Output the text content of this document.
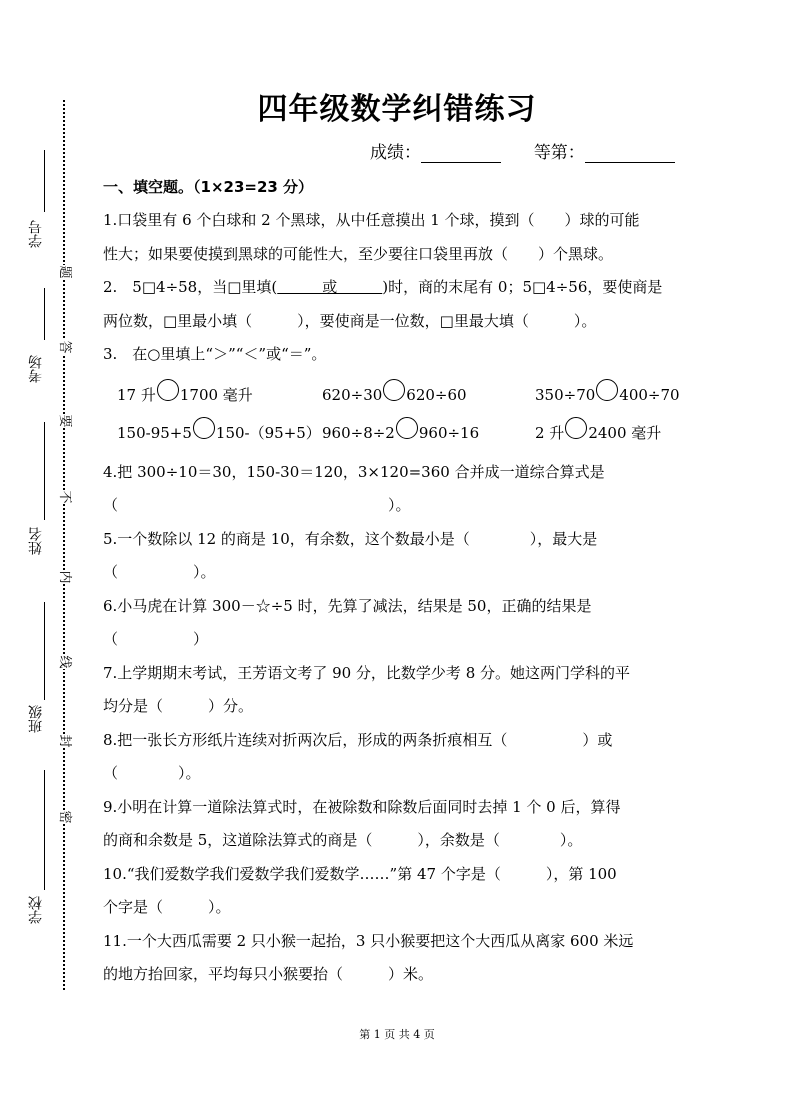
学号
考场
姓名
班级
学校
题
答
要
不
内
线
封
密
四年级数学纠错练习
成绩：	等第：
一、填空题。（1×23=23 分）
1.口袋里有 6 个白球和 2 个黑球，从中任意摸出 1 个球，摸到（　　）球的可能
性大；如果要使摸到黑球的可能性大，至少要往口袋里再放（　　）个黑球。
2.　5□4÷58，当□里填(　　　或　　　)时，商的末尾有 0；5□4÷56，要使商是
两位数，□里最小填（　　　），要使商是一位数，□里最大填（　　　）。
3.　在○里填上“＞”“＜”或“＝”。
17 升 1700 毫升	620÷30 620÷60	350÷70 400÷70
150-95+5 150-（95+5） 960÷8÷2 960÷16	2 升 2400 毫升
4.把 300÷10＝30，150-30＝120，3×120=360 合并成一道综合算式是
（　　　　　　　　　　　　　　　　　　）。
5.一个数除以 12 的商是 10，有余数，这个数最小是（　　　　），最大是
（　　　　　）。
6.小马虎在计算 300－☆÷5 时，先算了减法，结果是 50，正确的结果是
（　　　　　）
7.上学期期末考试，王芳语文考了 90 分，比数学少考 8 分。她这两门学科的平
均分是（　　　）分。
8.把一张长方形纸片连续对折两次后，形成的两条折痕相互（　　　　　）或
（　　　　）。
9.小明在计算一道除法算式时，在被除数和除数后面同时去掉 1 个 0 后，算得
的商和余数是 5，这道除法算式的商是（　　　），余数是（　　　　）。
10.“我们爱数学我们爱数学我们爱数学……”第 47 个字是（　　　），第 100
个字是（　　　）。
11.一个大西瓜需要 2 只小猴一起抬，3 只小猴要把这个大西瓜从离家 600 米远
的地方抬回家，平均每只小猴要抬（　　　）米。
第 1 页 共 4 页
